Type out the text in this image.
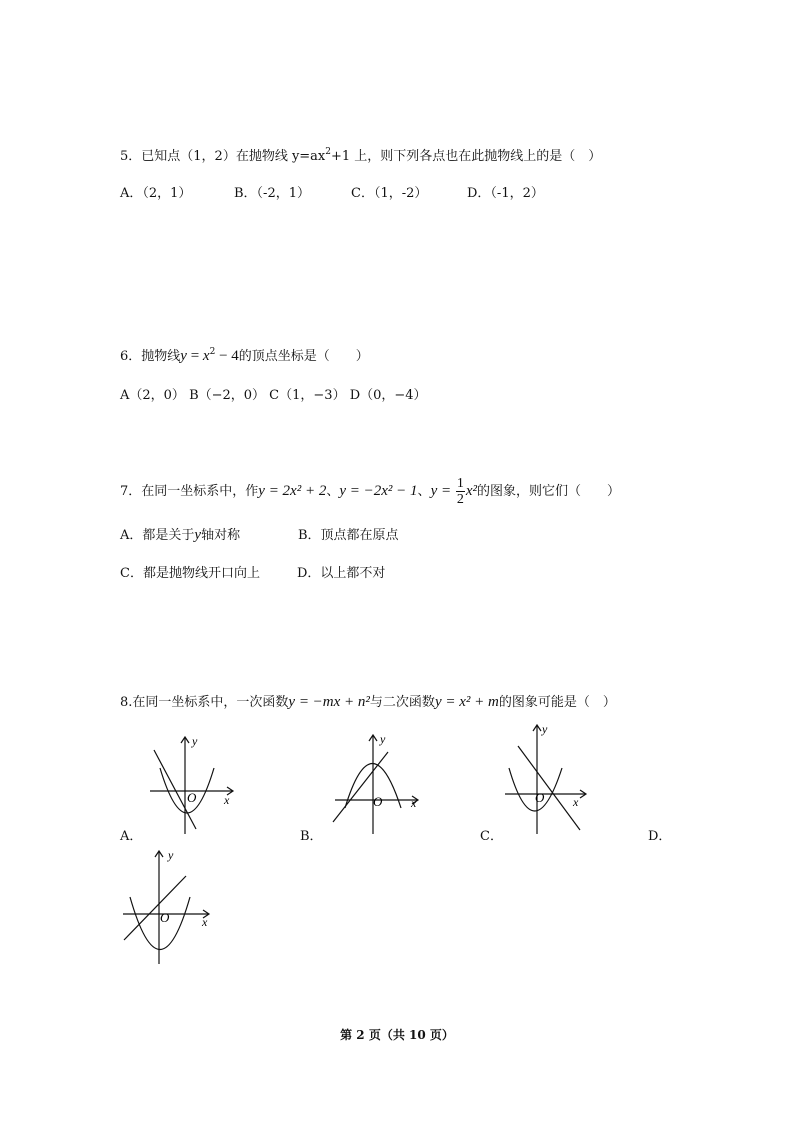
5．已知点（1，2）在抛物线 $y=ax^2+1$ 上，则下列各点也在此抛物线上的是（　）
A．（2，1）	B．（-2，1）	C．（1，-2）	D．（-1，2）
6．抛物线$y = x^2 - 4$的顶点坐标是（　　）
A（2，0） B（−2，0） C（1，−3） D（0，−4）
7．在同一坐标系中，作y = 2x² + 2、y = −2x² − 1、$y = \frac{1}{2} x^2$的图象，则它们（　　）
A．都是关于y轴对称	B．顶点都在原点
C．都是抛物线开口向上	D．以上都不对
8.在同一坐标系中，一次函数y = −mx + n²与二次函数y = x² + m的图象可能是（　）
y
x
O
A．
y
x
O
B．
y
x
O
C．	D．
y
x
O
第 2 页（共 10 页）
